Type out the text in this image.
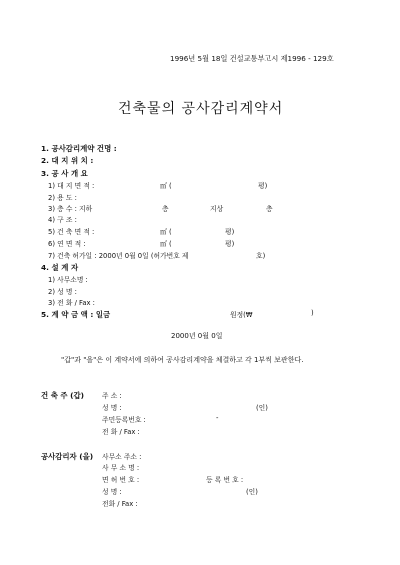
1996년 5월 18일 건설교통부고시 제1996 - 129호
건축물의 공사감리계약서
1. 공사감리계약 건명 :
2. 대 지 위 치 :
3. 공 사 개 요
1) 대 지 면 적 :	㎡ (	평)
2) 용 도 :
3) 층 수 : 지하	층	지상	층
4) 구 조 :
5) 건 축 면 적 :	㎡ (	평)
6) 연 면 적 :	㎡ (	평)
7) 건축 허가일 : 2000년 0월 0일 (허가번호 제	호)
4. 설 계 자
1) 사무소명 :
2) 성 명 :
3) 전 화 / Fax :
5. 계 약 금 액 : 일금	원정(₩	)
2000년 0월 0일
"갑"과 "을"은 이 계약서에 의하여 공사감리계약을 체결하고 각 1부씩 보관한다.
건 축 주 (갑)	주 소 :
성 명 :	(인)
주민등록번호 :	-
전 화 / Fax :
공사감리자 (을) 사무소 주소 :
사 무 소 명 :
면 허 번 호 :	등 록 번 호 :
성 명 :	(인)
전화 / Fax :
